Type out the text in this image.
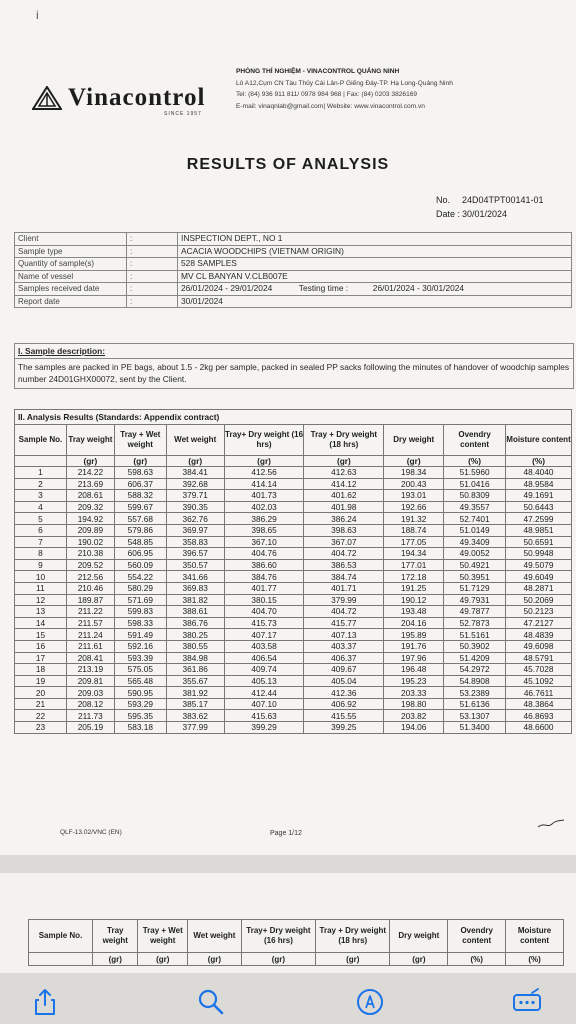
i
Vinacontrol
SINCE 1957
PHÒNG THÍ NGHIỆM - VINACONTROL QUẢNG NINH
Lô A12,Cụm CN Tàu Thủy Cái Lân-P Giếng Đáy-TP. Hạ Long-Quảng Ninh
Tel: (84) 936 911 811/ 0978 984 968 | Fax: (84) 0203 3826169
E-mail: vinaqnlab@gmail.com| Website: www.vinacontrol.com.vn
RESULTS OF ANALYSIS
No. 24D04TPT00141-01
Date : 30/01/2024
Client	:	INSPECTION DEPT., NO 1
Sample type	:	ACACIA WOODCHIPS (VIETNAM ORIGIN)
Quantity of sample(s)	:	528 SAMPLES
Name of vessel	:	MV CL BANYAN V.CLB007E
Samples received date	:	26/01/2024 - 29/01/2024 Testing time : 26/01/2024 - 30/01/2024
Report date	:	30/01/2024
I. Sample description:
The samples are packed in PE bags, about 1.5 - 2kg per sample, packed in sealed PP sacks following the minutes of handover of woodchip samples number 24D01GHX00072, sent by the Client.
II. Analysis Results (Standards: Appendix contract)								
Sample No.	Tray weight	Tray + Wet weight	Wet weight	Tray+ Dry weight (16 hrs)	Tray + Dry weight (18 hrs)	Dry weight	Ovendry content	Moisture content
	(gr)	(gr)	(gr)	(gr)	(gr)	(gr)	(%)	(%)
1	214.22	598.63	384.41	412.56	412.63	198.34	51.5960	48.4040
2	213.69	606.37	392.68	414.14	414.12	200.43	51.0416	48.9584
3	208.61	588.32	379.71	401.73	401.62	193.01	50.8309	49.1691
4	209.32	599.67	390.35	402.03	401.98	192.66	49.3557	50.6443
5	194.92	557.68	362.76	386.29	386.24	191.32	52.7401	47.2599
6	209.89	579.86	369.97	398.65	398.63	188.74	51.0149	48.9851
7	190.02	548.85	358.83	367.10	367.07	177.05	49.3409	50.6591
8	210.38	606.95	396.57	404.76	404.72	194.34	49.0052	50.9948
9	209.52	560.09	350.57	386.60	386.53	177.01	50.4921	49.5079
10	212.56	554.22	341.66	384.76	384.74	172.18	50.3951	49.6049
11	210.46	580.29	369.83	401.77	401.71	191.25	51.7129	48.2871
12	189.87	571.69	381.82	380.15	379.99	190.12	49.7931	50.2069
13	211.22	599.83	388.61	404.70	404.72	193.48	49.7877	50.2123
14	211.57	598.33	386.76	415.73	415.77	204.16	52.7873	47.2127
15	211.24	591.49	380.25	407.17	407.13	195.89	51.5161	48.4839
16	211.61	592.16	380.55	403.58	403.37	191.76	50.3902	49.6098
17	208.41	593.39	384.98	406.54	406.37	197.96	51.4209	48.5791
18	213.19	575.05	361.86	409.74	409.67	196.48	54.2972	45.7028
19	209.81	565.48	355.67	405.13	405.04	195.23	54.8908	45.1092
20	209.03	590.95	381.92	412.44	412.36	203.33	53.2389	46.7611
21	208.12	593.29	385.17	407.10	406.92	198.80	51.6136	48.3864
22	211.73	595.35	383.62	415.63	415.55	203.82	53.1307	46.8693
23	205.19	583.18	377.99	399.29	399.25	194.06	51.3400	48.6600
QLF-13.02/VNC (EN)	Page 1/12
Sample No.	Tray weight	Tray + Wet weight	Wet weight	Tray+ Dry weight (16 hrs)	Tray + Dry weight (18 hrs)	Dry weight	Ovendry content	Moisture content
	(gr)	(gr)	(gr)	(gr)	(gr)	(gr)	(%)	(%)
